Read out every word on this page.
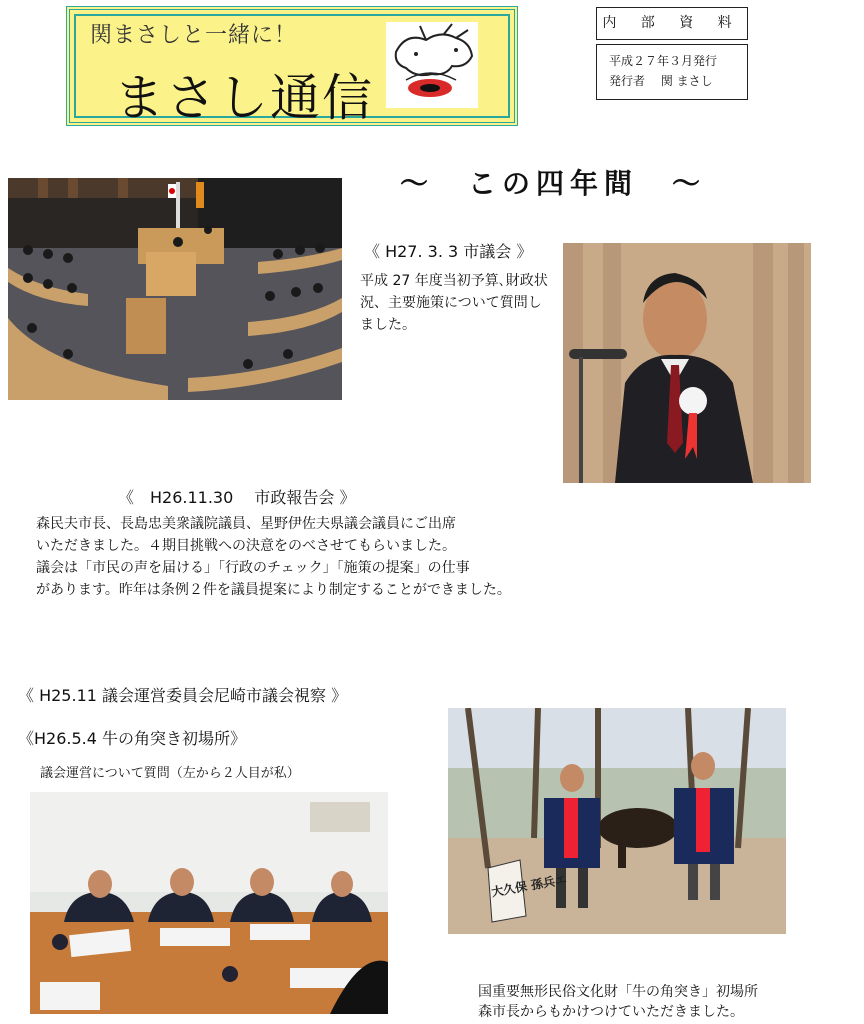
関まさしと一緒に！
まさし通信
内 部 資 料
平成２７年３月発行
発行者　 関 まさし
～　この四年間　～
《 H27. 3. 3 市議会 》
平成 27 年度当初予算､財政状
況、主要施策について質問し
ました。
《　H26.11.30　 市政報告会 》
森民夫市長、長島忠美衆議院議員、星野伊佐夫県議会議員にご出席
いただきました。４期目挑戦への決意をのべさせてもらいました。
議会は「市民の声を届ける」「行政のチェック」「施策の提案」の仕事
があります。昨年は条例２件を議員提案により制定することができました。
《 H25.11 議会運営委員会尼崎市議会視察 》
《H26.5.4 牛の角突き初場所》
議会運営について質問（左から２人目が私）
大久保 孫兵エ
国重要無形民俗文化財「牛の角突き」初場所
森市長からもかけつけていただきました。
